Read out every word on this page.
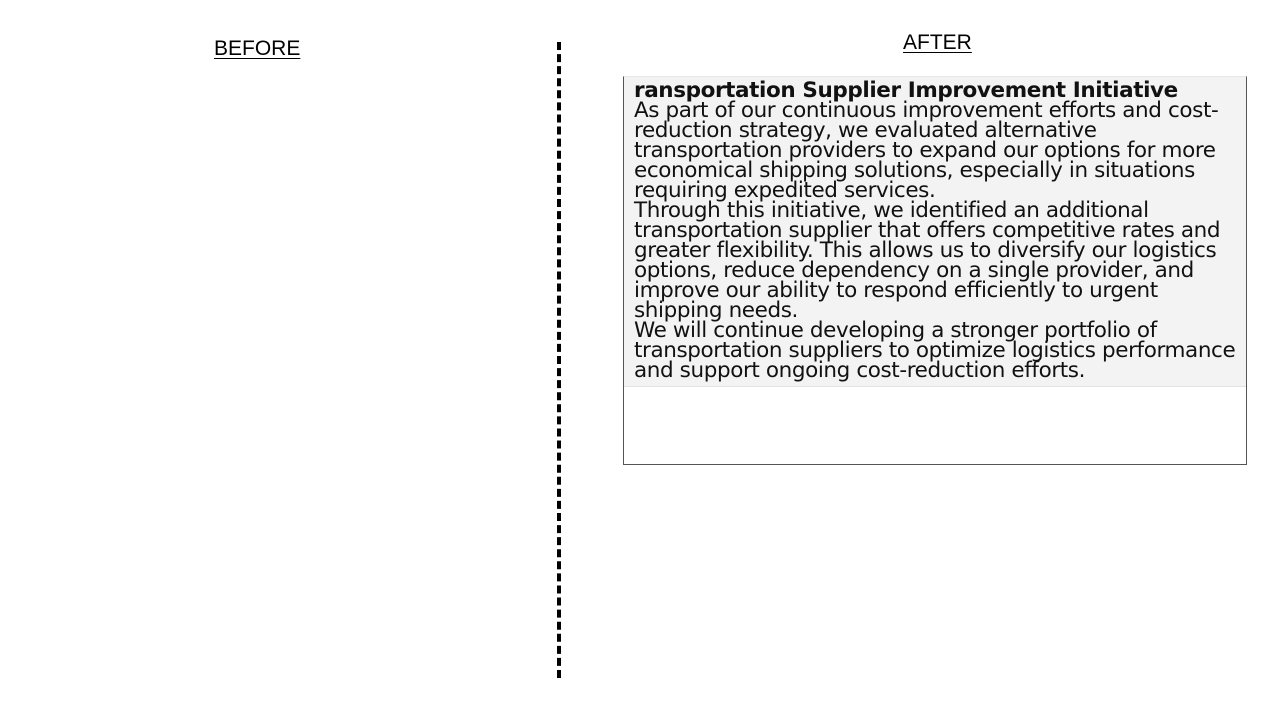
BEFORE	AFTER
ransportation Supplier Improvement Initiative
As part of our continuous improvement efforts and cost-reduction strategy, we evaluated alternative transportation providers to expand our options for more economical shipping solutions, especially in situations requiring expedited services.
Through this initiative, we identified an additional transportation supplier that offers competitive rates and greater flexibility. This allows us to diversify our logistics options, reduce dependency on a single provider, and improve our ability to respond efficiently to urgent shipping needs.
We will continue developing a stronger portfolio of transportation suppliers to optimize logistics performance and support ongoing cost-reduction efforts.
